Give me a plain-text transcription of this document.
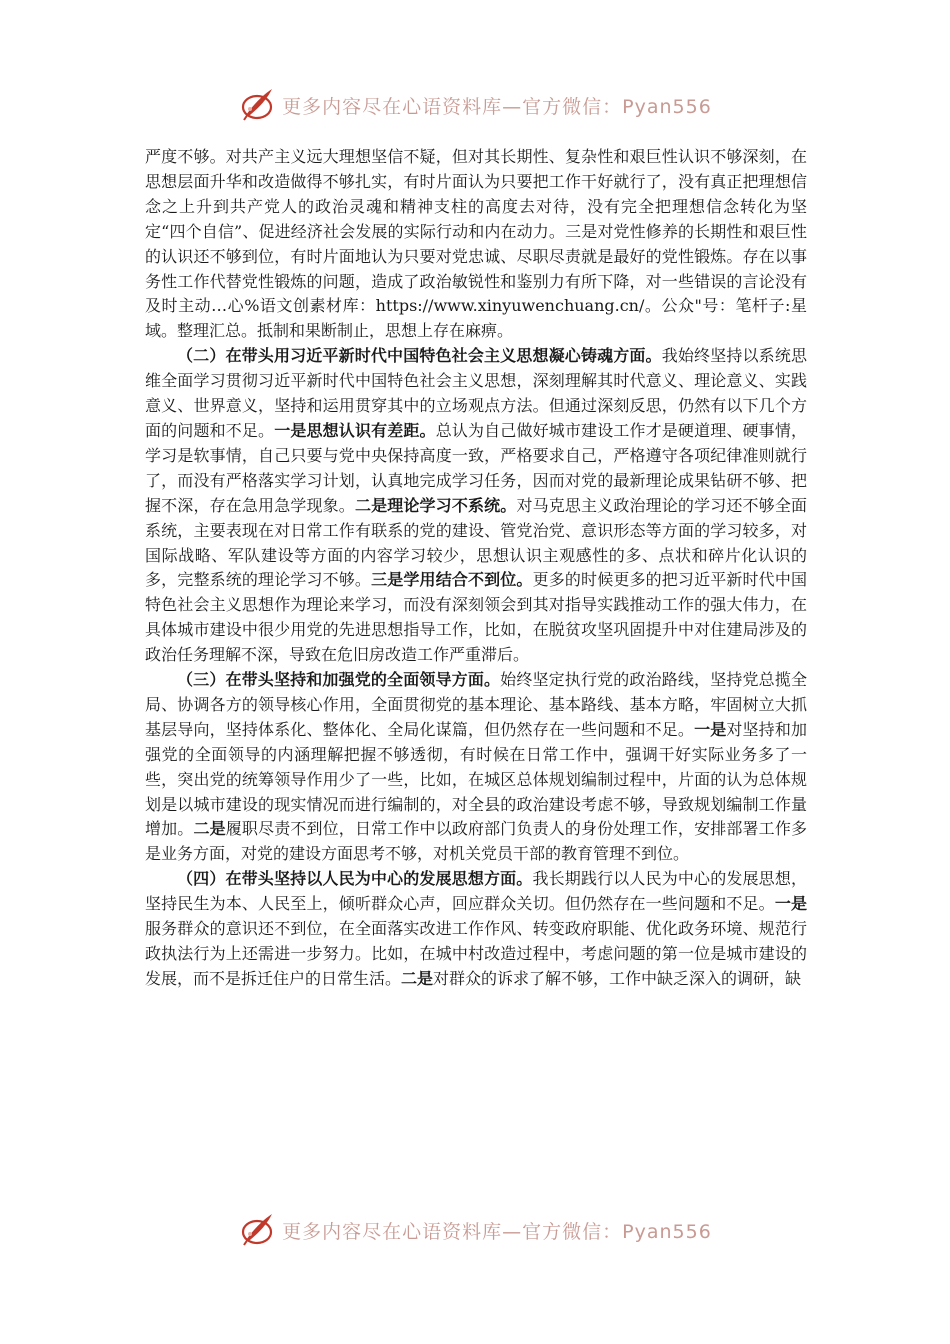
更多内容尽在心语资料库—官方微信：Pyan556

严度不够。对共产主义远大理想坚信不疑，但对其长期性、复杂性和艰巨性认识不够深刻，在思想层面升华和改造做得不够扎实，有时片面认为只要把工作干好就行了，没有真正把理想信念之上升到共产党人的政治灵魂和精神支柱的高度去对待，没有完全把理想信念转化为坚定“四个自信”、促进经济社会发展的实际行动和内在动力。三是对党性修养的长期性和艰巨性的认识还不够到位，有时片面地认为只要对党忠诚、尽职尽责就是最好的党性锻炼。存在以事务性工作代替党性锻炼的问题，造成了政治敏锐性和鉴别力有所下降，对一些错误的言论没有及时主动…心%语文创素材库：https://www.xinyuwenchuang.cn/。公众"号：笔杆子:星域。整理汇总。抵制和果断制止，思想上存在麻痹。

（二）在带头用习近平新时代中国特色社会主义思想凝心铸魂方面。我始终坚持以系统思维全面学习贯彻习近平新时代中国特色社会主义思想，深刻理解其时代意义、理论意义、实践意义、世界意义，坚持和运用贯穿其中的立场观点方法。但通过深刻反思，仍然有以下几个方面的问题和不足。一是思想认识有差距。总认为自己做好城市建设工作才是硬道理、硬事情，学习是软事情，自己只要与党中央保持高度一致，严格要求自己，严格遵守各项纪律准则就行了，而没有严格落实学习计划，认真地完成学习任务，因而对党的最新理论成果钻研不够、把握不深，存在急用急学现象。二是理论学习不系统。对马克思主义政治理论的学习还不够全面系统，主要表现在对日常工作有联系的党的建设、管党治党、意识形态等方面的学习较多，对国际战略、军队建设等方面的内容学习较少，思想认识主观感性的多、点状和碎片化认识的多，完整系统的理论学习不够。三是学用结合不到位。更多的时候更多的把习近平新时代中国特色社会主义思想作为理论来学习，而没有深刻领会到其对指导实践推动工作的强大伟力，在具体城市建设中很少用党的先进思想指导工作，比如，在脱贫攻坚巩固提升中对住建局涉及的政治任务理解不深，导致在危旧房改造工作严重滞后。

（三）在带头坚持和加强党的全面领导方面。始终坚定执行党的政治路线，坚持党总揽全局、协调各方的领导核心作用，全面贯彻党的基本理论、基本路线、基本方略，牢固树立大抓基层导向，坚持体系化、整体化、全局化谋篇，但仍然存在一些问题和不足。一是对坚持和加强党的全面领导的内涵理解把握不够透彻，有时候在日常工作中，强调干好实际业务多了一些，突出党的统筹领导作用少了一些，比如，在城区总体规划编制过程中，片面的认为总体规划是以城市建设的现实情况而进行编制的，对全县的政治建设考虑不够，导致规划编制工作量增加。二是履职尽责不到位，日常工作中以政府部门负责人的身份处理工作，安排部署工作多是业务方面，对党的建设方面思考不够，对机关党员干部的教育管理不到位。

（四）在带头坚持以人民为中心的发展思想方面。我长期践行以人民为中心的发展思想，坚持民生为本、人民至上，倾听群众心声，回应群众关切。但仍然存在一些问题和不足。一是服务群众的意识还不到位，在全面落实改进工作作风、转变政府职能、优化政务环境、规范行政执法行为上还需进一步努力。比如，在城中村改造过程中，考虑问题的第一位是城市建设的发展，而不是拆迁住户的日常生活。二是对群众的诉求了解不够，工作中缺乏深入的调研，缺

更多内容尽在心语资料库—官方微信：Pyan556
